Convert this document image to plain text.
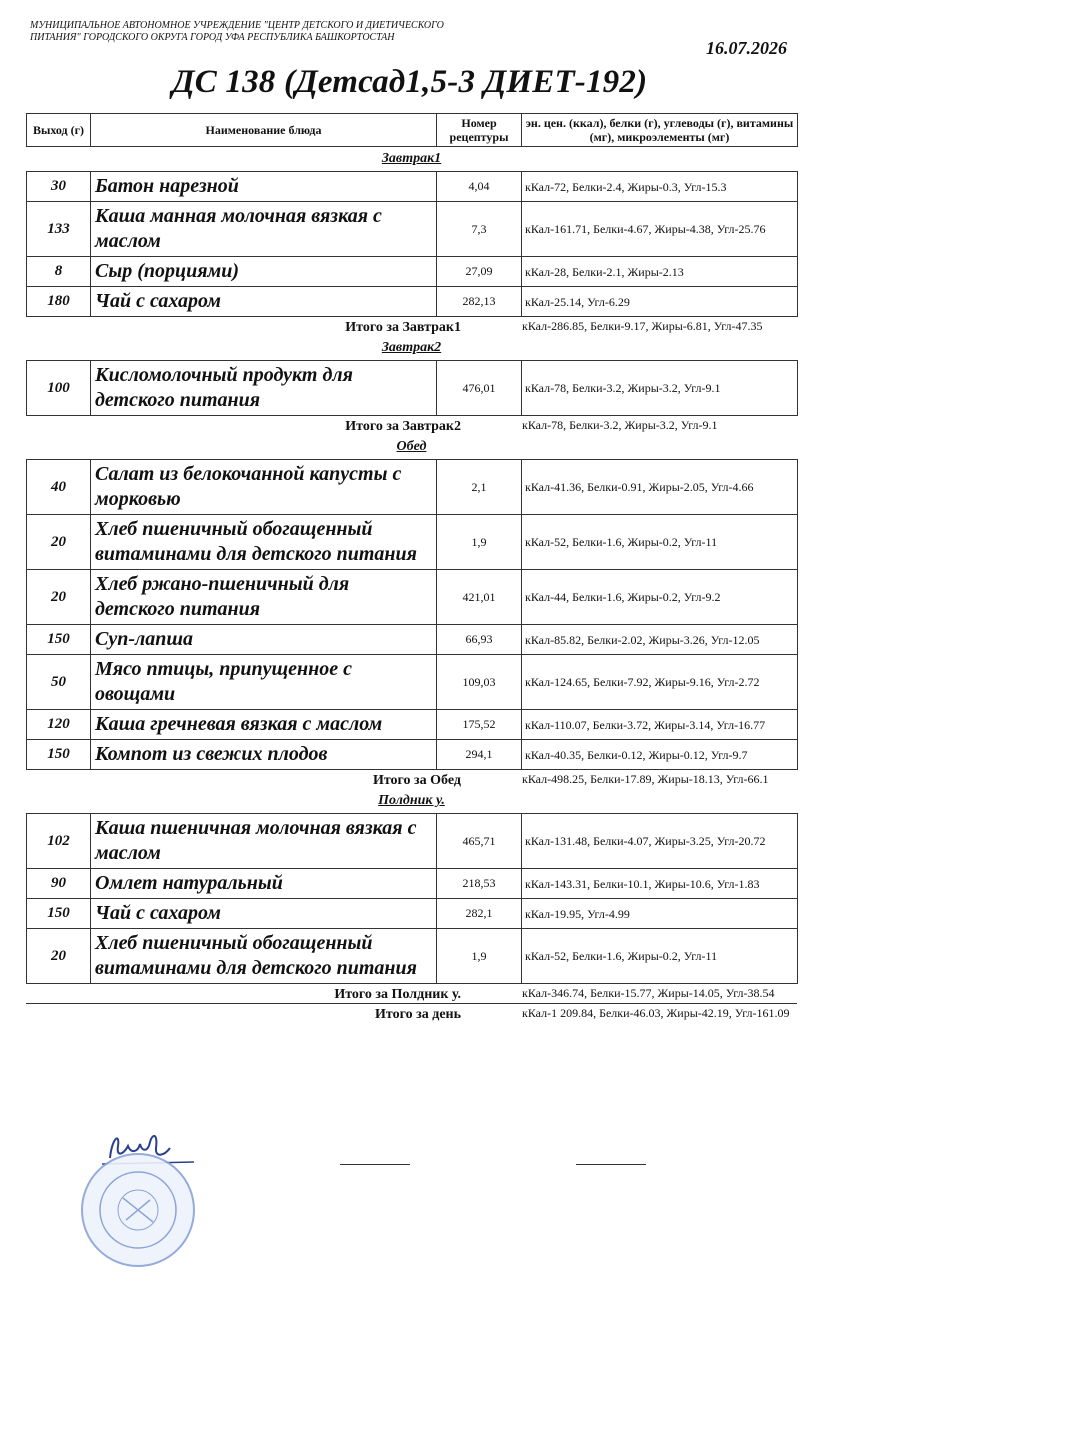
МУНИЦИПАЛЬНОЕ АВТОНОМНОЕ УЧРЕЖДЕНИЕ "ЦЕНТР ДЕТСКОГО И ДИЕТИЧЕСКОГО ПИТАНИЯ" ГОРОДСКОГО ОКРУГА ГОРОД УФА РЕСПУБЛИКА БАШКОРТОСТАН
16.07.2026
ДС 138 (Детсад1,5-3 ДИЕТ-192)
Выход (г)	Наименование блюда	Номер рецептуры	эн. цен. (ккал), белки (г), углеводы (г), витамины (мг), микроэлементы (мг)
Завтрак1
30	Батон нарезной	4,04	кКал-72, Белки-2.4, Жиры-0.3, Угл-15.3
133	Каша манная молочная вязкая с маслом	7,3	кКал-161.71, Белки-4.67, Жиры-4.38, Угл-25.76
8	Сыр (порциями)	27,09	кКал-28, Белки-2.1, Жиры-2.13
180	Чай с сахаром	282,13	кКал-25.14, Угл-6.29
Итого за Завтрак1	кКал-286.85, Белки-9.17, Жиры-6.81, Угл-47.35
Завтрак2
100	Кисломолочный продукт для детского питания	476,01	кКал-78, Белки-3.2, Жиры-3.2, Угл-9.1
Итого за Завтрак2	кКал-78, Белки-3.2, Жиры-3.2, Угл-9.1
Обед
40	Салат из белокочанной капусты с морковью	2,1	кКал-41.36, Белки-0.91, Жиры-2.05, Угл-4.66
20	Хлеб пшеничный обогащенный витаминами для детского питания	1,9	кКал-52, Белки-1.6, Жиры-0.2, Угл-11
20	Хлеб ржано-пшеничный для детского питания	421,01	кКал-44, Белки-1.6, Жиры-0.2, Угл-9.2
150	Суп-лапша	66,93	кКал-85.82, Белки-2.02, Жиры-3.26, Угл-12.05
50	Мясо птицы, припущенное с овощами	109,03	кКал-124.65, Белки-7.92, Жиры-9.16, Угл-2.72
120	Каша гречневая вязкая с маслом	175,52	кКал-110.07, Белки-3.72, Жиры-3.14, Угл-16.77
150	Компот из свежих плодов	294,1	кКал-40.35, Белки-0.12, Жиры-0.12, Угл-9.7
Итого за Обед	кКал-498.25, Белки-17.89, Жиры-18.13, Угл-66.1
Полдник у.
102	Каша пшеничная молочная вязкая с маслом	465,71	кКал-131.48, Белки-4.07, Жиры-3.25, Угл-20.72
90	Омлет натуральный	218,53	кКал-143.31, Белки-10.1, Жиры-10.6, Угл-1.83
150	Чай с сахаром	282,1	кКал-19.95, Угл-4.99
20	Хлеб пшеничный обогащенный витаминами для детского питания	1,9	кКал-52, Белки-1.6, Жиры-0.2, Угл-11
Итого за Полдник у.	кКал-346.74, Белки-15.77, Жиры-14.05, Угл-38.54
Итого за день	кКал-1 209.84, Белки-46.03, Жиры-42.19, Угл-161.09
